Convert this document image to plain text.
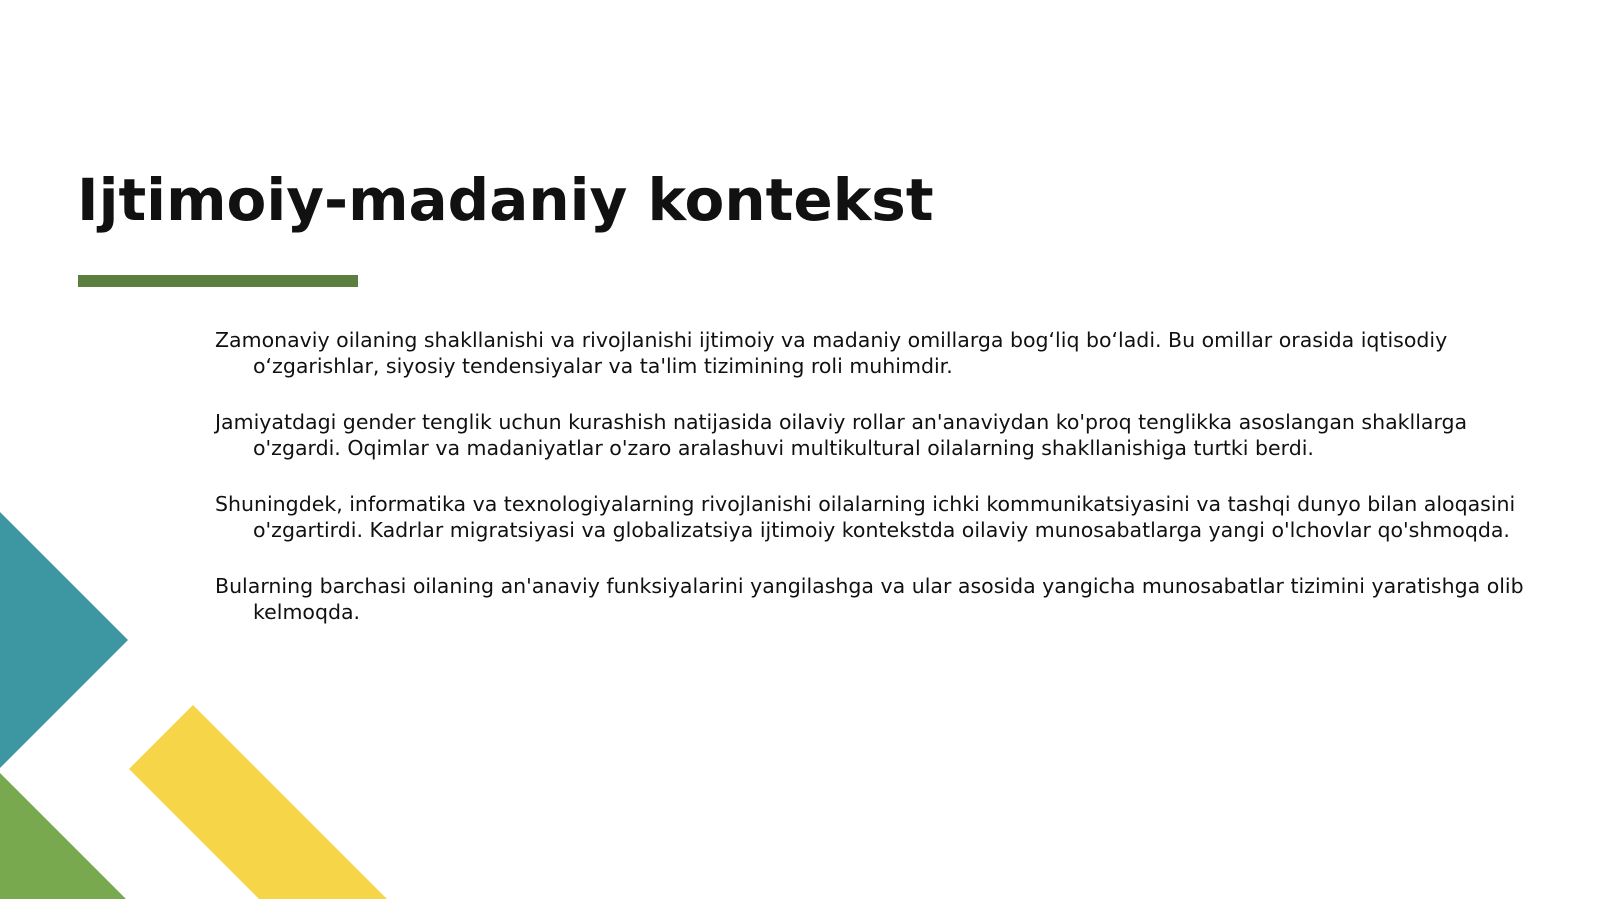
Ijtimoiy-madaniy kontekst
Zamonaviy oilaning shakllanishi va rivojlanishi ijtimoiy va madaniy omillarga bog‘liq bo‘ladi. Bu omillar orasida iqtisodiy o‘zgarishlar, siyosiy tendensiyalar va ta'lim tizimining roli muhimdir.
Jamiyatdagi gender tenglik uchun kurashish natijasida oilaviy rollar an'anaviydan ko'proq tenglikka asoslangan shakllarga o'zgardi. Oqimlar va madaniyatlar o'zaro aralashuvi multikultural oilalarning shakllanishiga turtki berdi.
Shuningdek, informatika va texnologiyalarning rivojlanishi oilalarning ichki kommunikatsiyasini va tashqi dunyo bilan aloqasini o'zgartirdi. Kadrlar migratsiyasi va globalizatsiya ijtimoiy kontekstda oilaviy munosabatlarga yangi o'lchovlar qo'shmoqda.
Bularning barchasi oilaning an'anaviy funksiyalarini yangilashga va ular asosida yangicha munosabatlar tizimini yaratishga olib kelmoqda.
